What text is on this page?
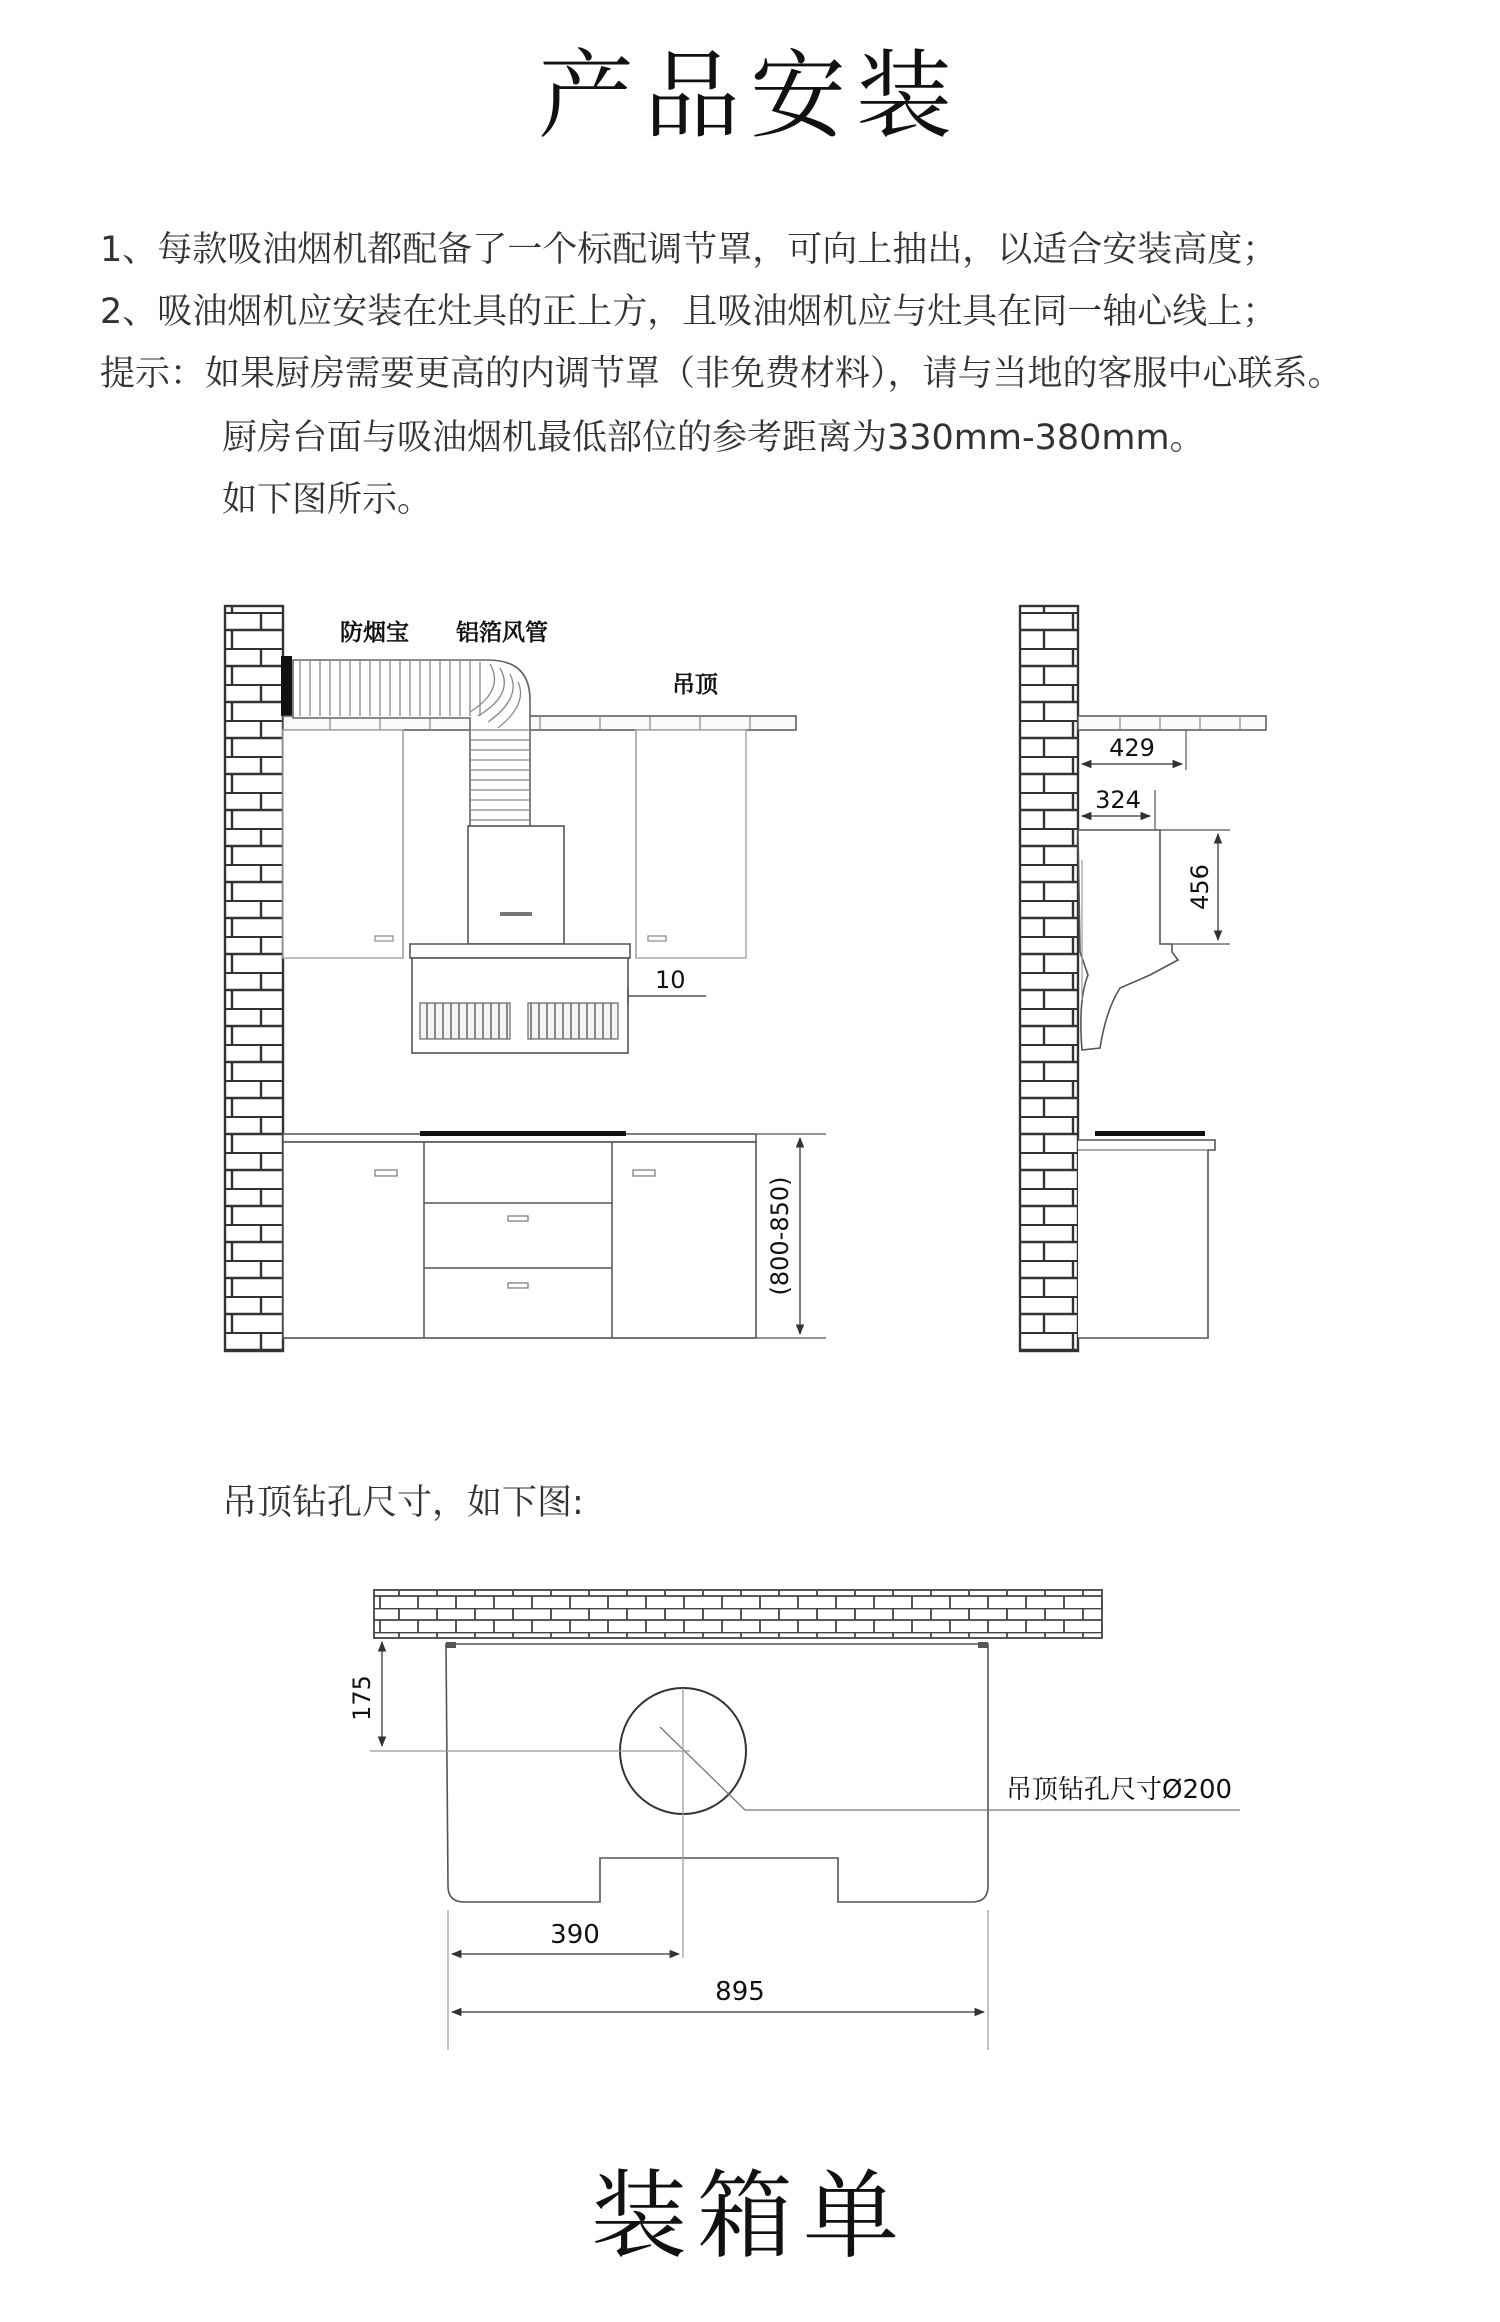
产品安装
1、每款吸油烟机都配备了一个标配调节罩，可向上抽出，以适合安装高度；
2、吸油烟机应安装在灶具的正上方，且吸油烟机应与灶具在同一轴心线上；
提示：如果厨房需要更高的内调节罩（非免费材料），请与当地的客服中心联系。
厨房台面与吸油烟机最低部位的参考距离为330mm-380mm。
如下图所示。
防烟宝 铝箔风管
吊顶
10
(800-850)
429
324
456
175
390
895
吊顶钻孔尺寸Ø200
吊顶钻孔尺寸，如下图:
装箱单
